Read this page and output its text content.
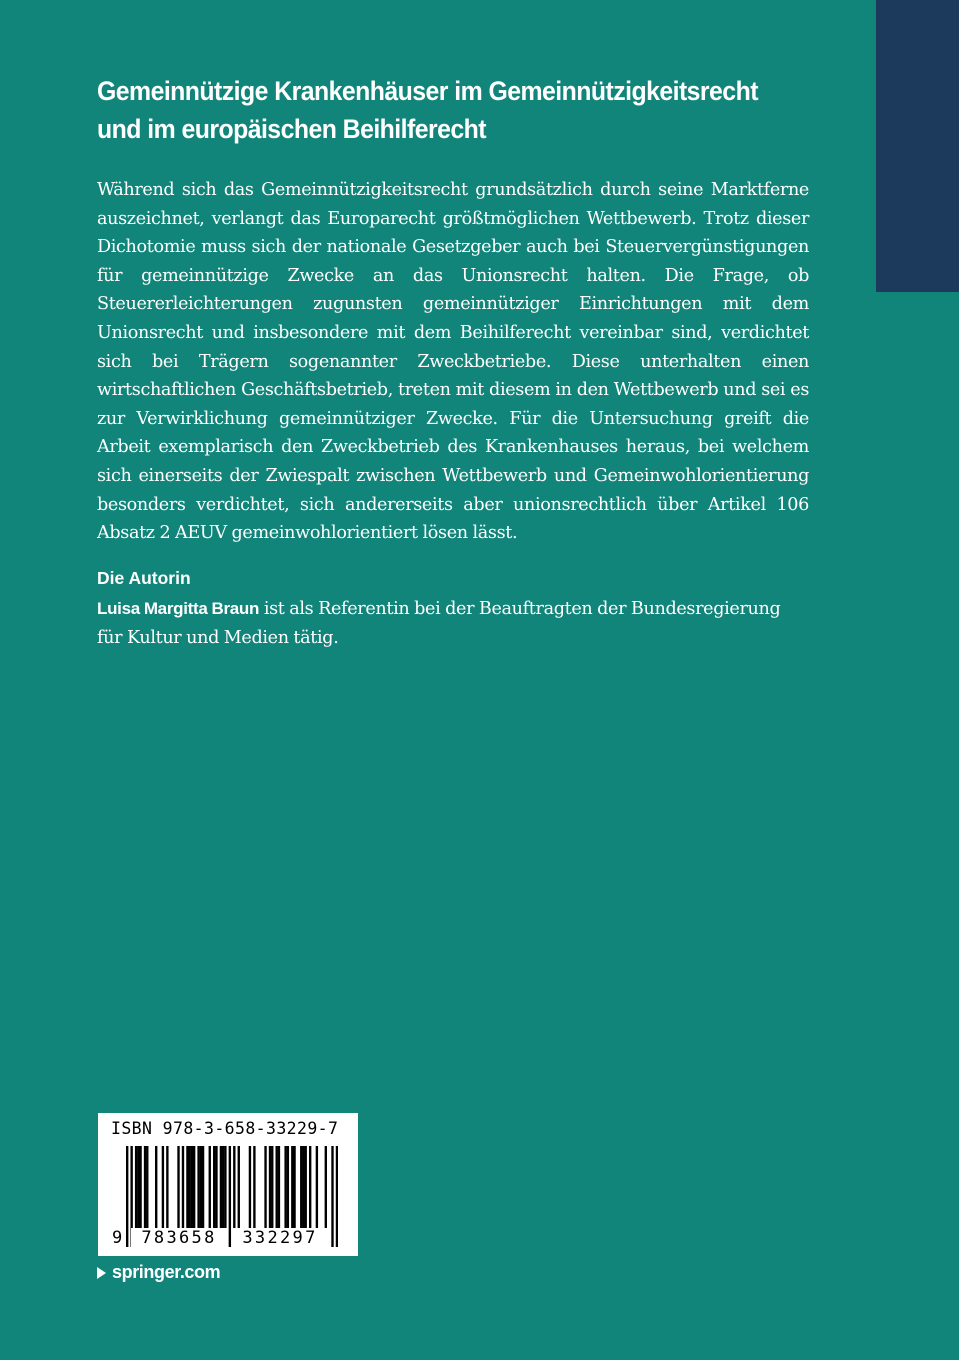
Gemeinnützige Krankenhäuser im Gemeinnützigkeitsrecht
und im europäischen Beihilferecht

Während sich das Gemeinnützigkeitsrecht grundsätzlich durch seine Marktferne auszeichnet, verlangt das Europarecht größtmöglichen Wettbewerb. Trotz dieser Dichotomie muss sich der nationale Gesetzgeber auch bei Steuervergünstigungen für gemeinnützige Zwecke an das Unionsrecht halten. Die Frage, ob Steuererleichterungen zugunsten gemeinnütziger Einrichtungen mit dem Unionsrecht und insbesondere mit dem Beihilferecht vereinbar sind, verdichtet sich bei Trägern sogenannter Zweckbetriebe. Diese unterhalten einen wirtschaftlichen Geschäftsbetrieb, treten mit diesem in den Wettbewerb und sei es zur Verwirklichung gemeinnütziger Zwecke. Für die Untersuchung greift die Arbeit exemplarisch den Zweckbetrieb des Krankenhauses heraus, bei welchem sich einerseits der Zwiespalt zwischen Wettbewerb und Gemeinwohlorientierung besonders verdichtet, sich andererseits aber unionsrechtlich über Artikel 106 Absatz 2 AEUV gemeinwohlorientiert lösen lässt.

Die Autorin

Luisa Margitta Braun ist als Referentin bei der Beauftragten der Bundesregierung für Kultur und Medien tätig.

ISBN 978-3-658-33229-7
9	783658	332297
springer.com
